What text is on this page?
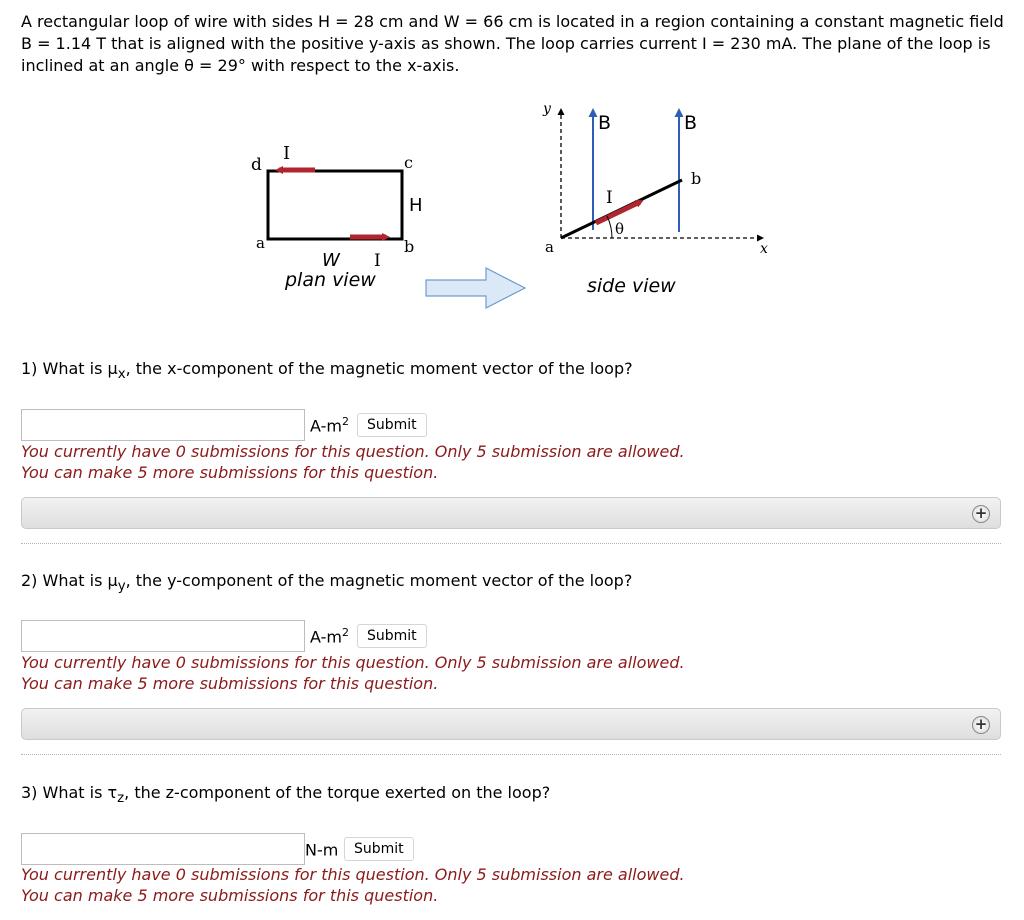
A rectangular loop of wire with sides H = 28 cm and W = 66 cm is located in a region containing a constant magnetic field B = 1.14 T that is aligned with the positive y-axis as shown. The loop carries current I = 230 mA. The plane of the loop is inclined at an angle θ = 29° with respect to the x-axis.
d	c
a	b
I
I
H
W
plan view
y
x
B	B
a
b
I
θ
side view
1) What is $\mu_x$, the x-component of the magnetic moment vector of the loop?
$A-m^2$	Submit
You currently have 0 submissions for this question. Only 5 submission are allowed.
You can make 5 more submissions for this question.
+
2) What is $\mu_y$, the y-component of the magnetic moment vector of the loop?
$A-m^2$	Submit
You currently have 0 submissions for this question. Only 5 submission are allowed.
You can make 5 more submissions for this question.
+
3) What is $\tau_z$, the z-component of the torque exerted on the loop?
N-m	Submit
You currently have 0 submissions for this question. Only 5 submission are allowed.
You can make 5 more submissions for this question.
